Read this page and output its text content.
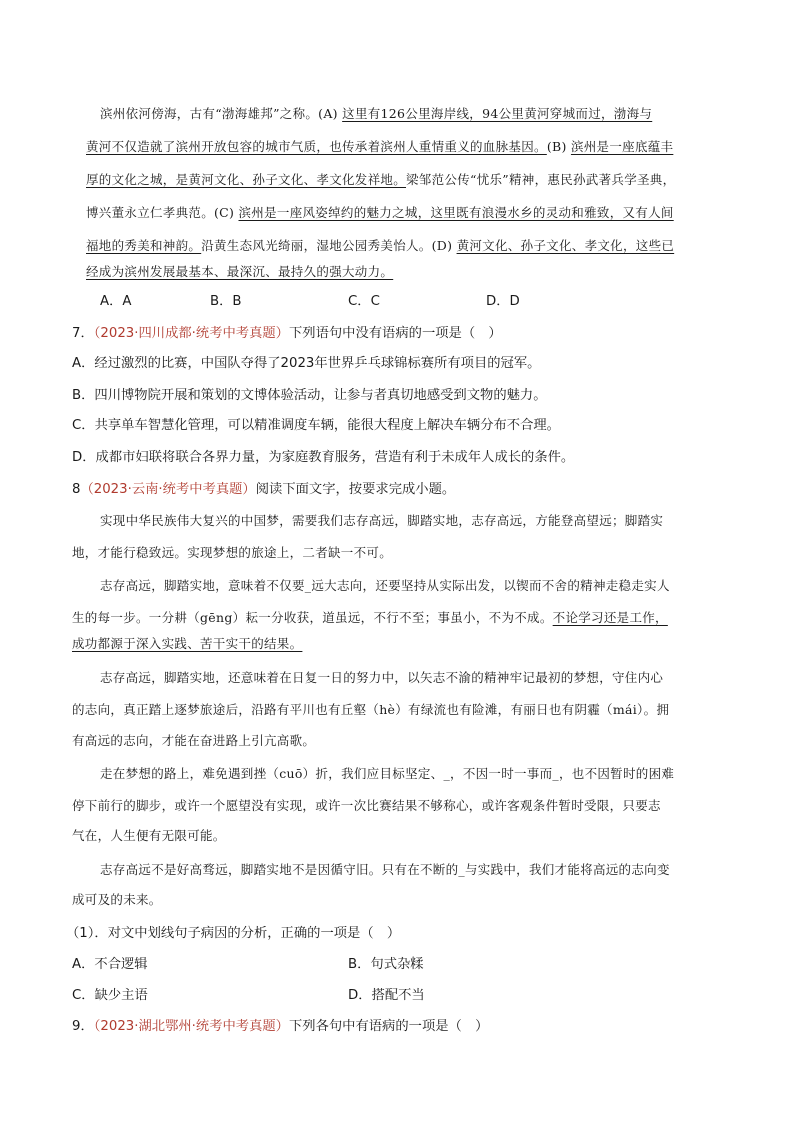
滨州依河傍海，古有“渤海雄邦”之称。(A) 这里有126公里海岸线，94公里黄河穿城而过，渤海与
黄河不仅造就了滨州开放包容的城市气质，也传承着滨州人重情重义的血脉基因。(B) 滨州是一座底蕴丰
厚的文化之城，是黄河文化、孙子文化、孝文化发祥地。梁邹范公传“忧乐”精神，惠民孙武著兵学圣典，
博兴董永立仁孝典范。(C) 滨州是一座风姿绰约的魅力之城，这里既有浪漫水乡的灵动和雅致，又有人间
福地的秀美和神韵。沿黄生态风光绮丽，湿地公园秀美怡人。(D) 黄河文化、孙子文化、孝文化，这些已
经成为滨州发展最基本、最深沉、最持久的强大动力。
A．A	B．B	C．C	D．D
7．（2023·四川成都·统考中考真题）下列语句中没有语病的一项是（　）
A．经过激烈的比赛，中国队夺得了2023年世界乒乓球锦标赛所有项目的冠军。
B．四川博物院开展和策划的文博体验活动，让参与者真切地感受到文物的魅力。
C．共享单车智慧化管理，可以精准调度车辆，能很大程度上解决车辆分布不合理。
D．成都市妇联将联合各界力量，为家庭教育服务，营造有利于未成年人成长的条件。
8（2023·云南·统考中考真题）阅读下面文字，按要求完成小题。
实现中华民族伟大复兴的中国梦，需要我们志存高远，脚踏实地，志存高远，方能登高望远；脚踏实
地，才能行稳致远。实现梦想的旅途上，二者缺一不可。
志存高远，脚踏实地，意味着不仅要_远大志向，还要坚持从实际出发，以锲而不舍的精神走稳走实人
生的每一步。一分耕（gēng）耘一分收获，道虽远，不行不至；事虽小，不为不成。不论学习还是工作，
成功都源于深入实践、苦干实干的结果。
志存高远，脚踏实地，还意味着在日复一日的努力中，以矢志不渝的精神牢记最初的梦想，守住内心
的志向，真正踏上逐梦旅途后，沿路有平川也有丘壑（hè）有绿流也有险滩，有丽日也有阴霾（mái）。拥
有高远的志向，才能在奋进路上引亢高歌。
走在梦想的路上，难免遇到挫（cuō）折，我们应目标坚定、_，不因一时一事而_，也不因暂时的困难
停下前行的脚步，或许一个愿望没有实现，或许一次比赛结果不够称心，或许客观条件暂时受限，只要志
气在，人生便有无限可能。
志存高远不是好高骛远，脚踏实地不是因循守旧。只有在不断的_与实践中，我们才能将高远的志向变
成可及的未来。
（1）．对文中划线句子病因的分析，正确的一项是（　）
A．不合逻辑	B．句式杂糅
C．缺少主语	D．搭配不当
9．（2023·湖北鄂州·统考中考真题）下列各句中有语病的一项是（　）
